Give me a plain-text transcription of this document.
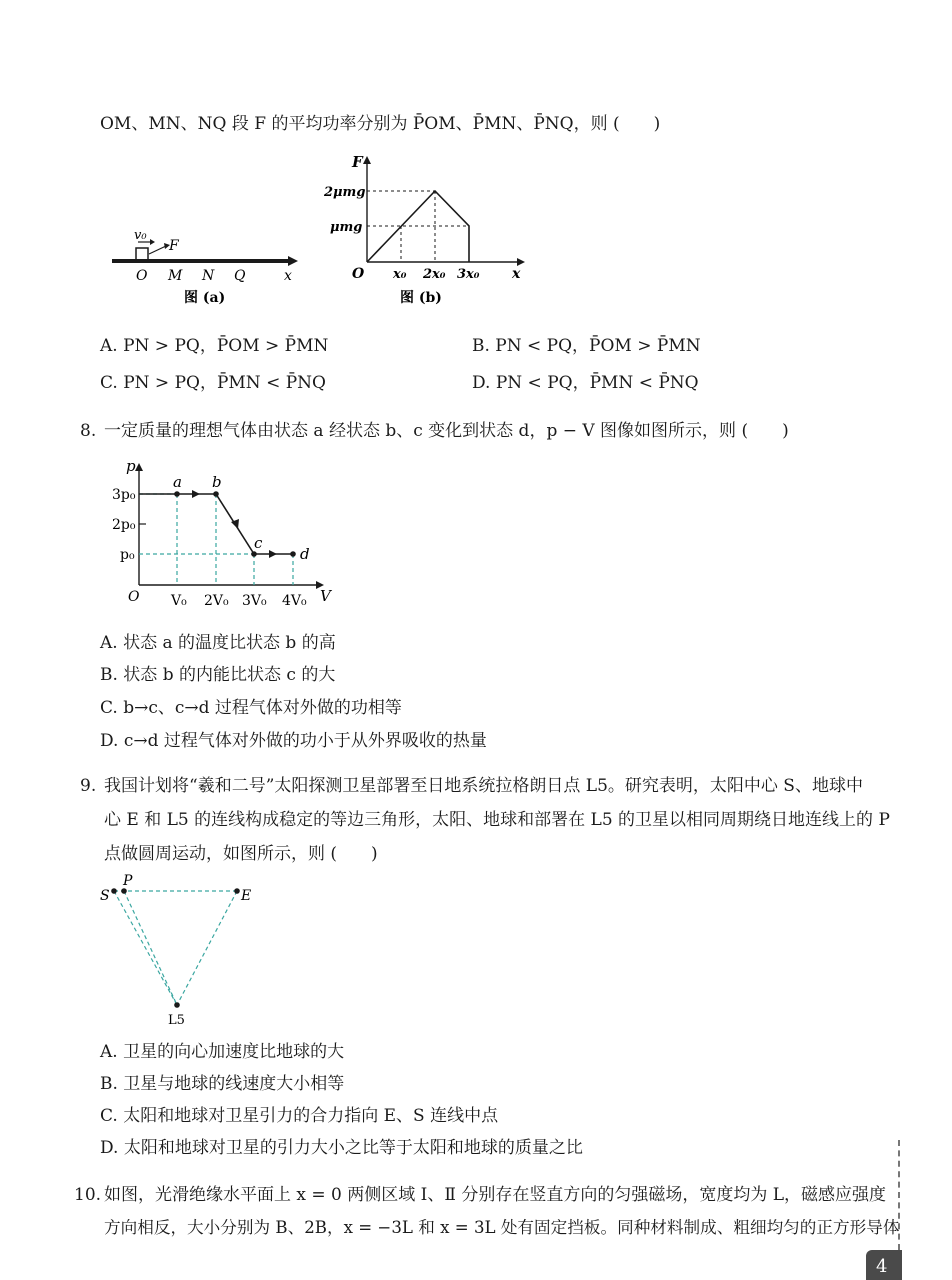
OM、MN、NQ 段 F 的平均功率分别为 P̄OM、P̄MN、P̄NQ，则 (　　)
v₀
F
O M N Q	x
图 (a)
F
2μmg
μmg
O x₀ 2x₀ 3x₀ x
图 (b)
A. PN > PQ，P̄OM > P̄MN	B. PN < PQ，P̄OM > P̄MN
C. PN > PQ，P̄MN < P̄NQ	D. PN < PQ，P̄MN < P̄NQ
8. 一定质量的理想气体由状态 a 经状态 b、c 变化到状态 d，p − V 图像如图所示，则 (　　)
p
3p₀
2p₀
p₀
O V₀ 2V₀ 3V₀ 4V₀ V
a b
c
d
A. 状态 a 的温度比状态 b 的高
B. 状态 b 的内能比状态 c 的大
C. b→c、c→d 过程气体对外做的功相等
D. c→d 过程气体对外做的功小于从外界吸收的热量
9. 我国计划将“羲和二号”太阳探测卫星部署至日地系统拉格朗日点 L5。研究表明，太阳中心 S、地球中
心 E 和 L5 的连线构成稳定的等边三角形，太阳、地球和部署在 L5 的卫星以相同周期绕日地连线上的 P
点做圆周运动，如图所示，则 (　　)
S
P
E
L5
A. 卫星的向心加速度比地球的大
B. 卫星与地球的线速度大小相等
C. 太阳和地球对卫星引力的合力指向 E、S 连线中点
D. 太阳和地球对卫星的引力大小之比等于太阳和地球的质量之比
10. 如图，光滑绝缘水平面上 x = 0 两侧区域 Ⅰ、Ⅱ 分别存在竖直方向的匀强磁场，宽度均为 L，磁感应强度
方向相反，大小分别为 B、2B，x = −3L 和 x = 3L 处有固定挡板。同种材料制成、粗细均匀的正方形导体
4
